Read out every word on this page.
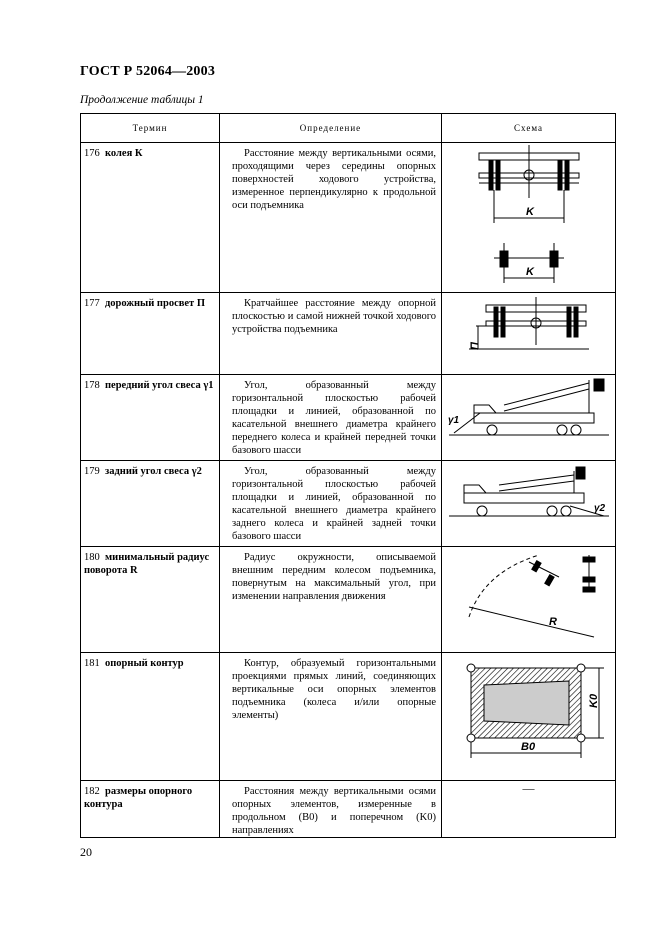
ГОСТ Р 52064—2003
Продолжение таблицы 1
Термин	Определение	Схема
176 колея К	Расстояние между вертикальными осями, проходящими через середины опорных поверхностей ходового устройства, измеренное перпендикулярно к продольной оси подъемника	K
K

177 дорожный просвет П	Кратчайшее расстояние между опорной плоскостью и самой нижней точкой ходового устройства подъемника	П

178 передний угол свеса γ1	Угол, образованный между горизонтальной плоскостью рабочей площадки и линией, образованной по касательной внешнего диаметра крайнего переднего колеса и крайней передней точки базового шасси	γ1

179 задний угол свеса γ2	Угол, образованный между горизонтальной плоскостью рабочей площадки и линией, образованной по касательной внешнего диаметра крайнего заднего колеса и крайней задней точки базового шасси	γ2

180 минимальный радиус поворота R	Радиус окружности, описываемой внешним передним колесом подъемника, повернутым на максимальный угол, при изменении направления движения	R

181 опорный контур	Контур, образуемый горизонтальными проекциями прямых линий, соединяющих вертикальные оси опорных элементов подъемника (колеса и/или опорные элементы)	K0
B0

182 размеры опорного контура	Расстояния между вертикальными осями опорных элементов, измеренные в продольном (B0) и поперечном (K0) направлениях	—
20
